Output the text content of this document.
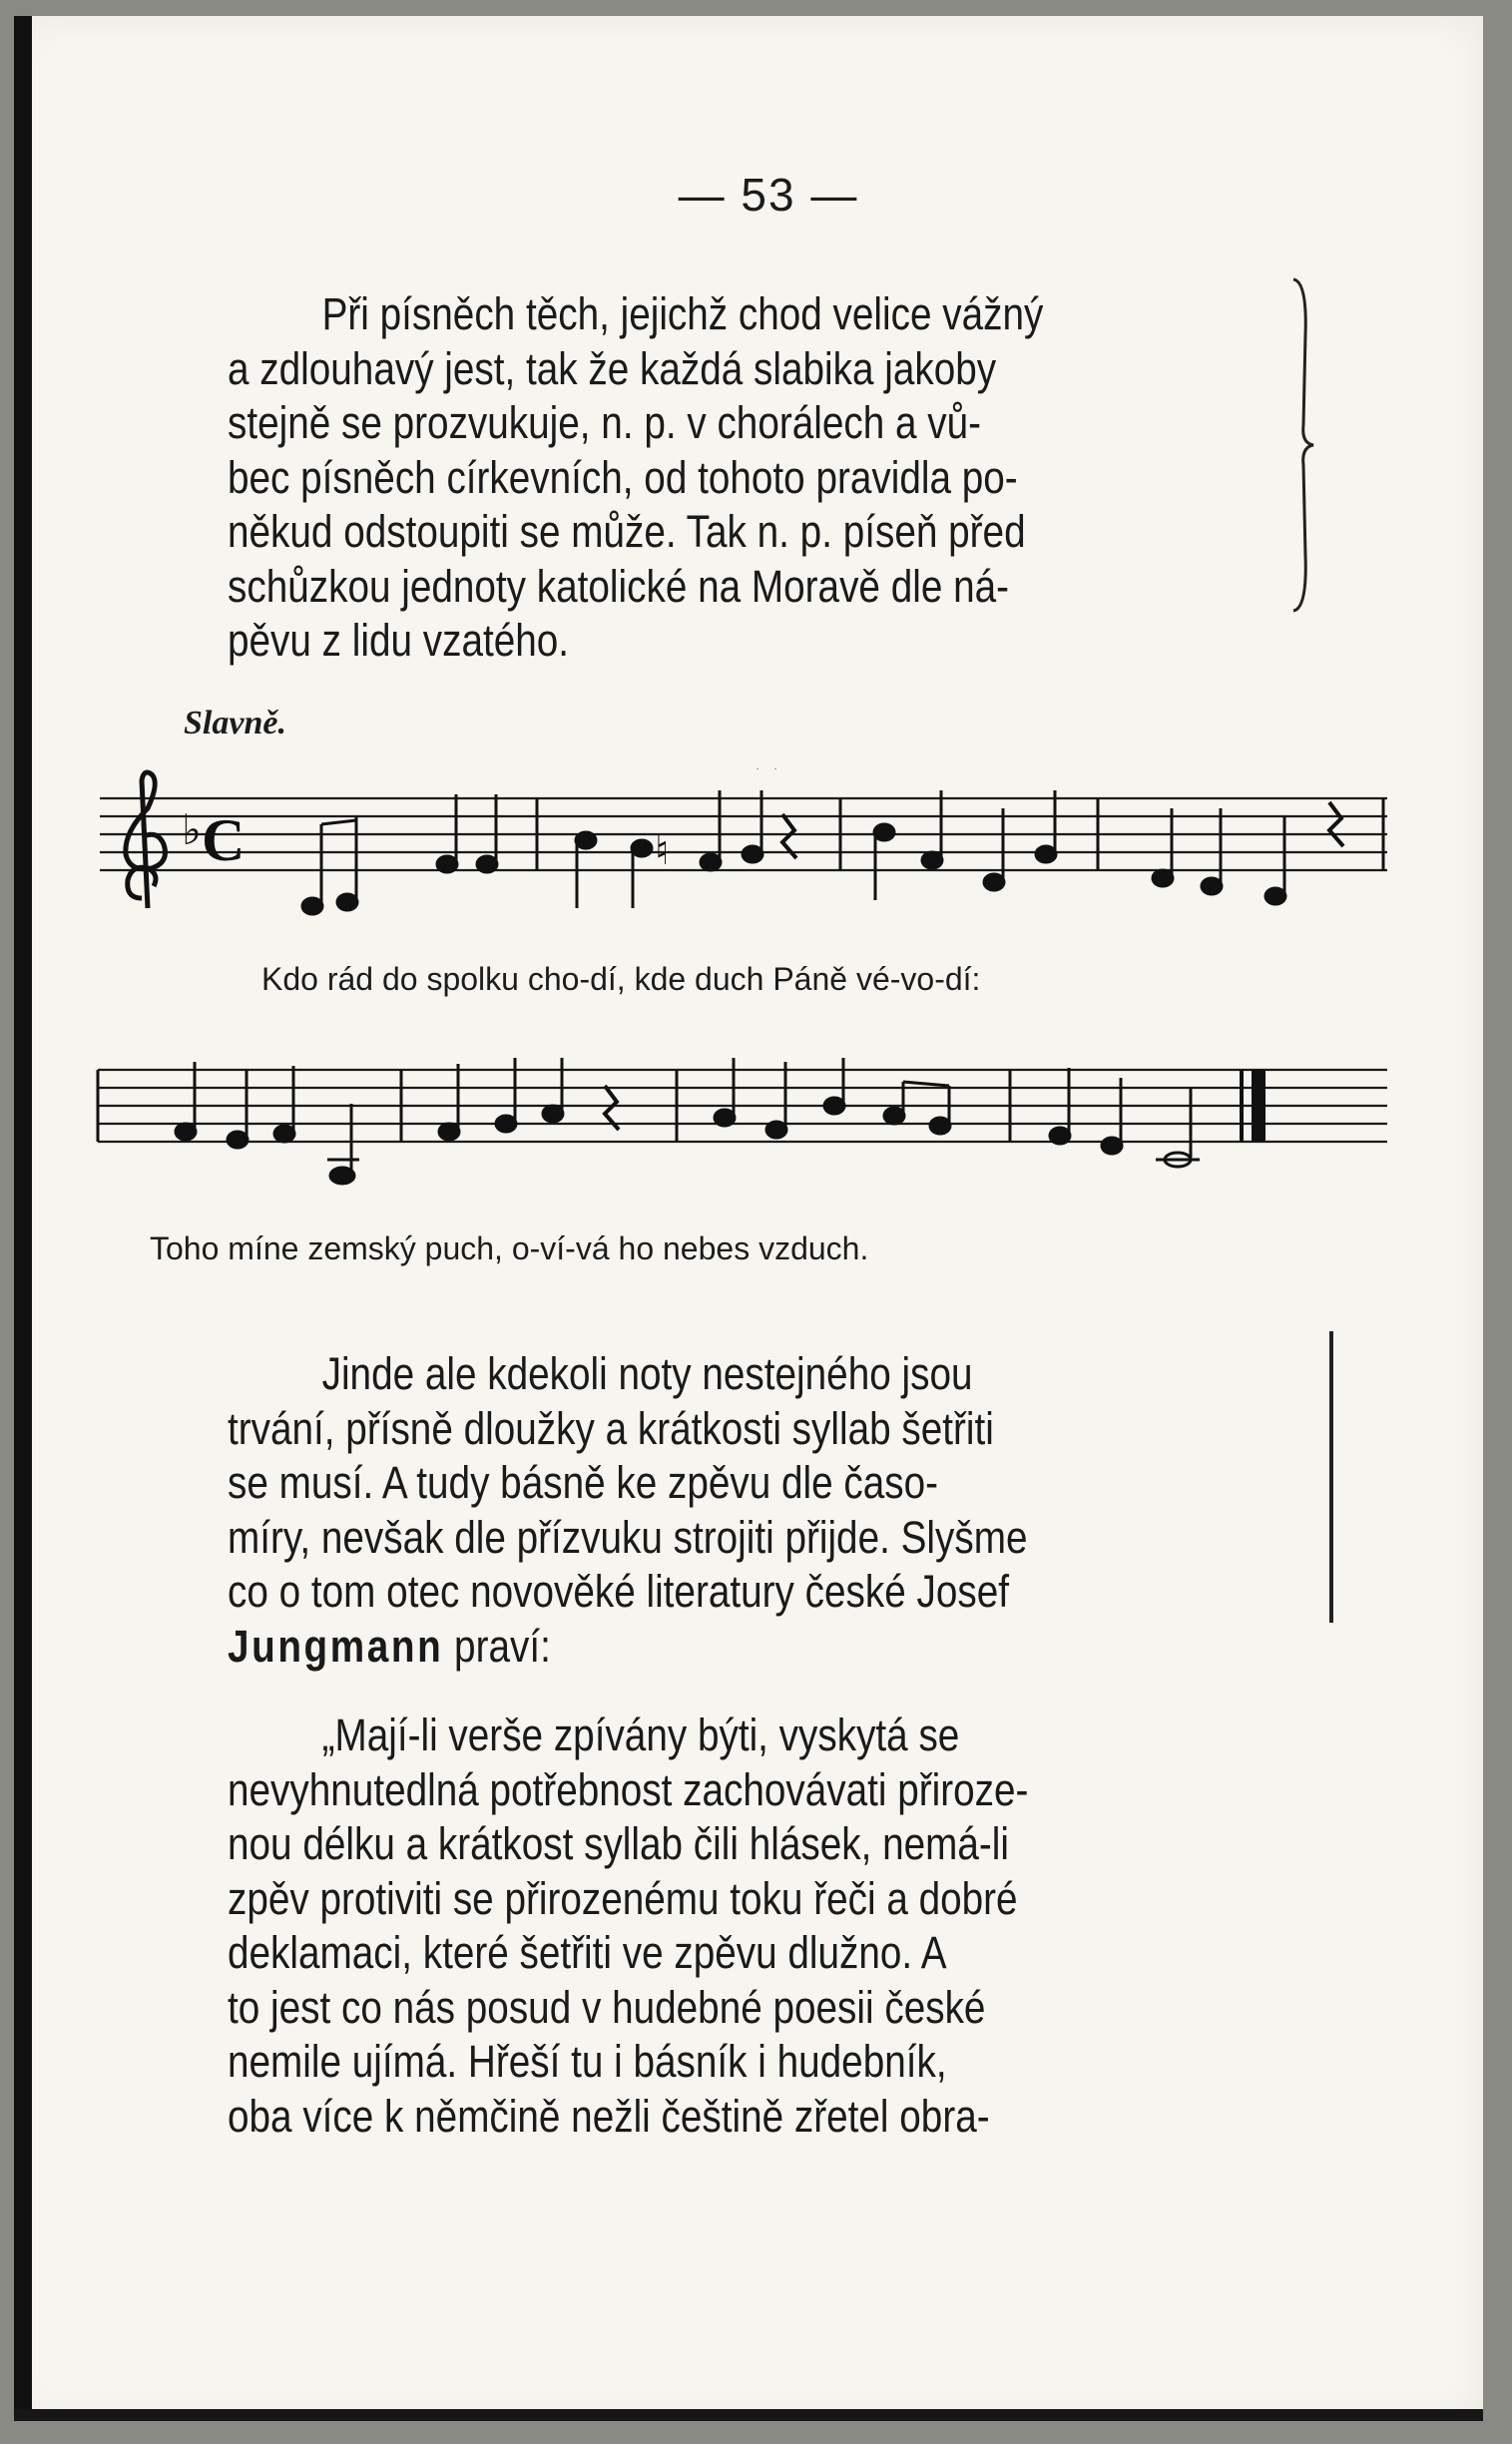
— 53 —
Při písněch těch, jejichž chod velice vážný
a zdlouhavý jest, tak že každá slabika jakoby
stejně se prozvukuje, n. p. v chorálech a vů-
bec písněch církevních, od tohoto pravidla po-
někud odstoupiti se může. Tak n. p. píseň před
schůzkou jednoty katolické na Moravě dle ná-
pěvu z lidu vzatého.
Slavně.
♭ C	♮
Kdo rád do spolku cho-dí, kde duch Páně vé-vo-dí:
Toho míne zemský puch, o-ví-vá ho nebes vzduch.
Jinde ale kdekoli noty nestejného jsou
trvání, přísně dloužky a krátkosti syllab šetřiti
se musí. A tudy básně ke zpěvu dle časo-
míry, nevšak dle přízvuku strojiti přijde. Slyšme
co o tom otec novověké literatury české Josef
Jungmann praví:
„Mají-li verše zpívány býti, vyskytá se
nevyhnutedlná potřebnost zachovávati přiroze-
nou délku a krátkost syllab čili hlásek, nemá-li
zpěv protiviti se přirozenému toku řeči a dobré
deklamaci, které šetřiti ve zpěvu dlužno. A
to jest co nás posud v hudebné poesii české
nemile ujímá. Hřeší tu i básník i hudebník,
oba více k němčině nežli češtině zřetel obra-
